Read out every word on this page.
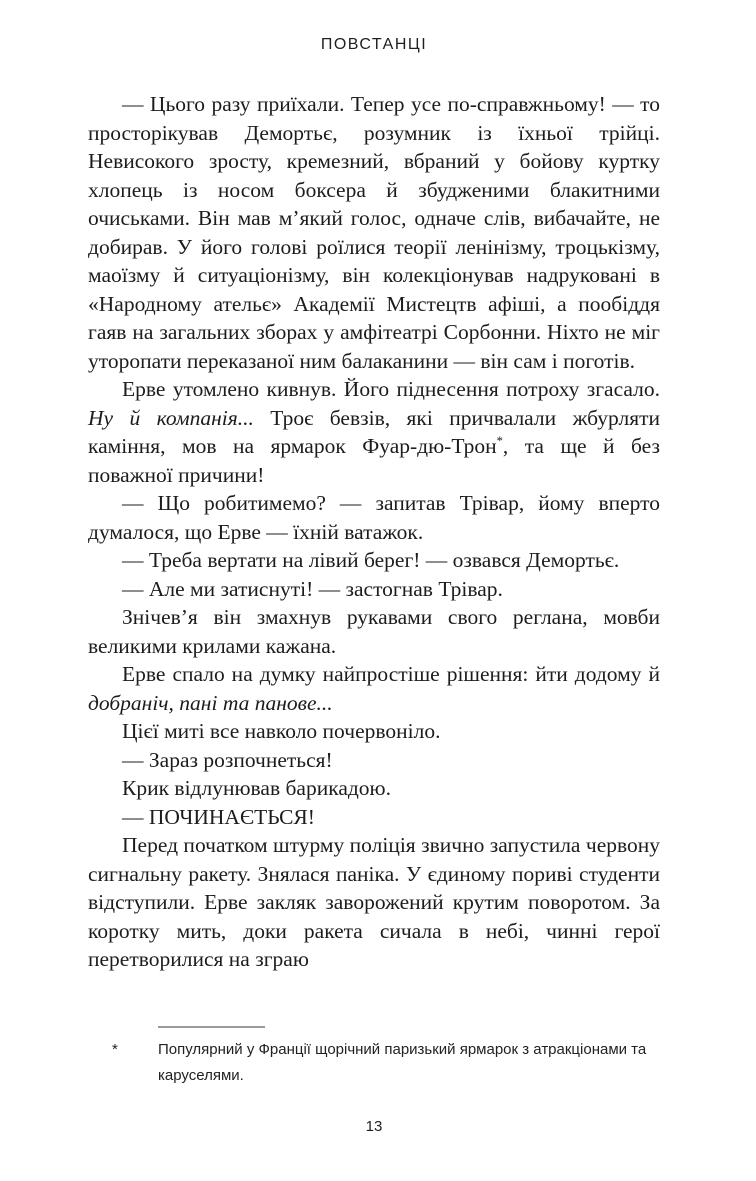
ПОВСТАНЦІ

— Цього разу приїхали. Тепер усе по-справжньому! — то просторікував Демортьє, розумник із їхньої трійці. Невисокого зросту, кремезний, вбраний у бойову куртку хлопець із носом боксера й збудженими блакитними очиськами. Він мав м’який голос, одначе слів, вибачайте, не добирав. У його голові роїлися теорії ленінізму, троцькізму, маоїзму й ситуаціонізму, він колекціонував надруковані в «Народному ательє» Академії Мистецтв афіші, а пообіддя гаяв на загальних зборах у амфітеатрі Сорбонни. Ніхто не міг уторопати переказаної ним балаканини — він сам і поготів.

Ерве утомлено кивнув. Його піднесення потроху згасало. Ну й компанія... Троє бевзів, які причвалали жбурляти каміння, мов на ярмарок Фуар-дю-Трон*, та ще й без поважної причини!

— Що робитимемо? — запитав Трівар, йому вперто думалося, що Ерве — їхній ватажок.

— Треба вертати на лівий берег! — озвався Демортьє.

— Але ми затиснуті! — застогнав Трівар.

Знічев’я він змахнув рукавами свого реглана, мовби великими крилами кажана.

Ерве спало на думку найпростіше рішення: йти додому й добраніч, пані та панове...

Цієї миті все навколо почервоніло.

— Зараз розпочнеться!

Крик відлунював барикадою.

— ПОЧИНАЄТЬСЯ!

Перед початком штурму поліція звично запустила червону сигнальну ракету. Знялася паніка. У єдиному пориві студенти відступили. Ерве закляк заворожений крутим поворотом. За коротку мить, доки ракета сичала в небі, чинні герої перетворилися на зграю

*	Популярний у Франції щорічний паризький ярмарок з атракціонами та каруселями.
13
